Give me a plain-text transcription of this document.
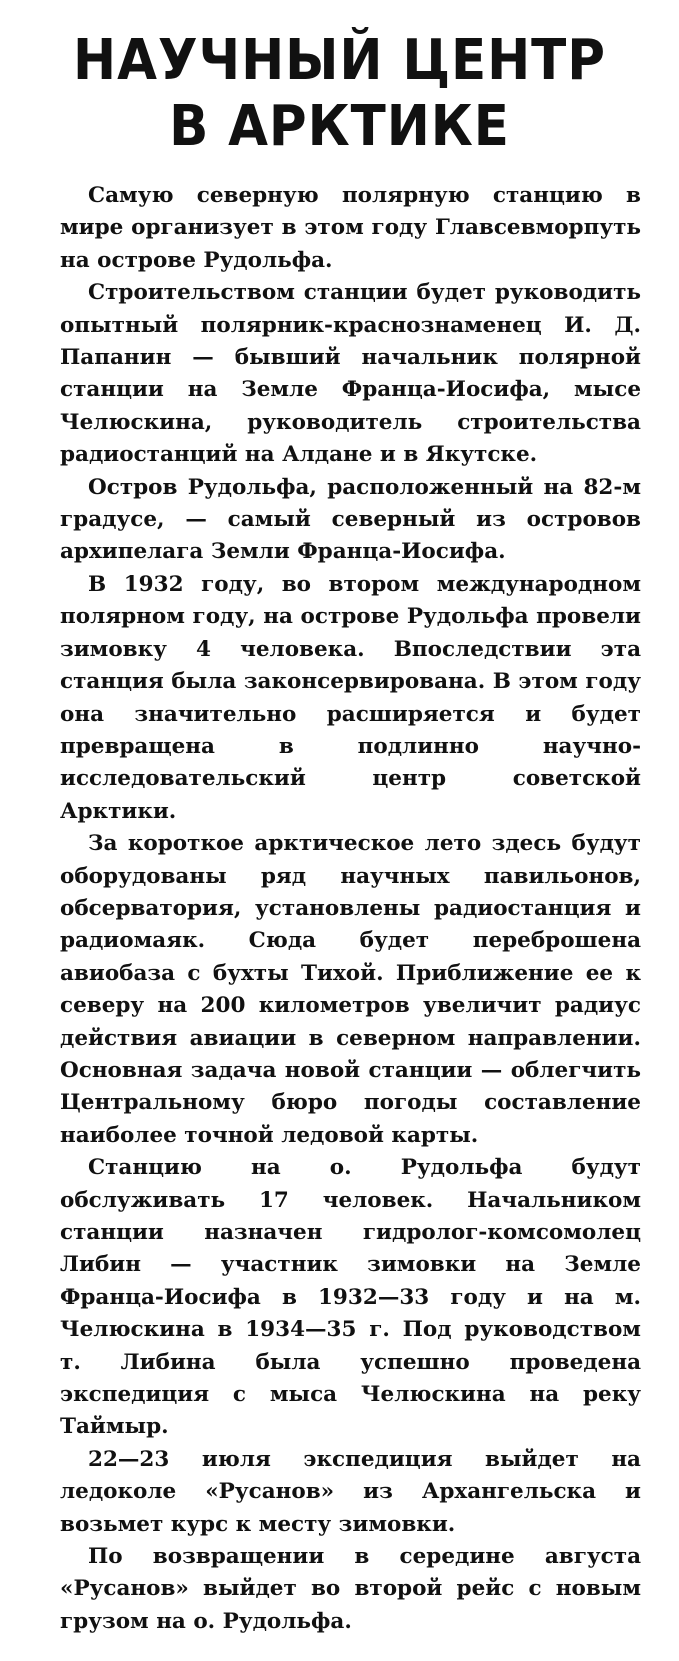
НАУЧНЫЙ ЦЕНТР
В АРКТИКЕ

Самую северную полярную станцию в мире организует в этом году Главсевморпуть на острове Рудольфа.

Строительством станции будет руководить опытный полярник-краснознаменец И. Д. Папанин — бывший начальник полярной станции на Земле Франца-Иосифа, мысе Челюскина, руководитель строительства радиостанций на Алдане и в Якутске.

Остров Рудольфа, расположенный на 82-м градусе, — самый северный из островов архипелага Земли Франца-Иосифа.

В 1932 году, во втором международном полярном году, на острове Рудольфа провели зимовку 4 человека. Впоследствии эта станция была законсервирована. В этом году она значительно расширяется и будет превращена в подлинно научно-исследовательский центр советской Арктики.

За короткое арктическое лето здесь будут оборудованы ряд научных павильонов, обсерватория, установлены радиостанция и радиомаяк. Сюда будет переброшена авиобаза с бухты Тихой. Приближение ее к северу на 200 километров увеличит радиус действия авиации в северном направлении. Основная задача новой станции — облегчить Центральному бюро погоды составление наиболее точной ледовой карты.

Станцию на о. Рудольфа будут обслуживать 17 человек. Начальником станции назначен гидролог-комсомолец Либин — участник зимовки на Земле Франца-Иосифа в 1932—33 году и на м. Челюскина в 1934—35 г. Под руководством т. Либина была успешно проведена экспедиция с мыса Челюскина на реку Таймыр.

22—23 июля экспедиция выйдет на ледоколе «Русанов» из Архангельска и возьмет курс к месту зимовки.

По возвращении в середине августа «Русанов» выйдет во второй рейс с новым грузом на о. Рудольфа.
